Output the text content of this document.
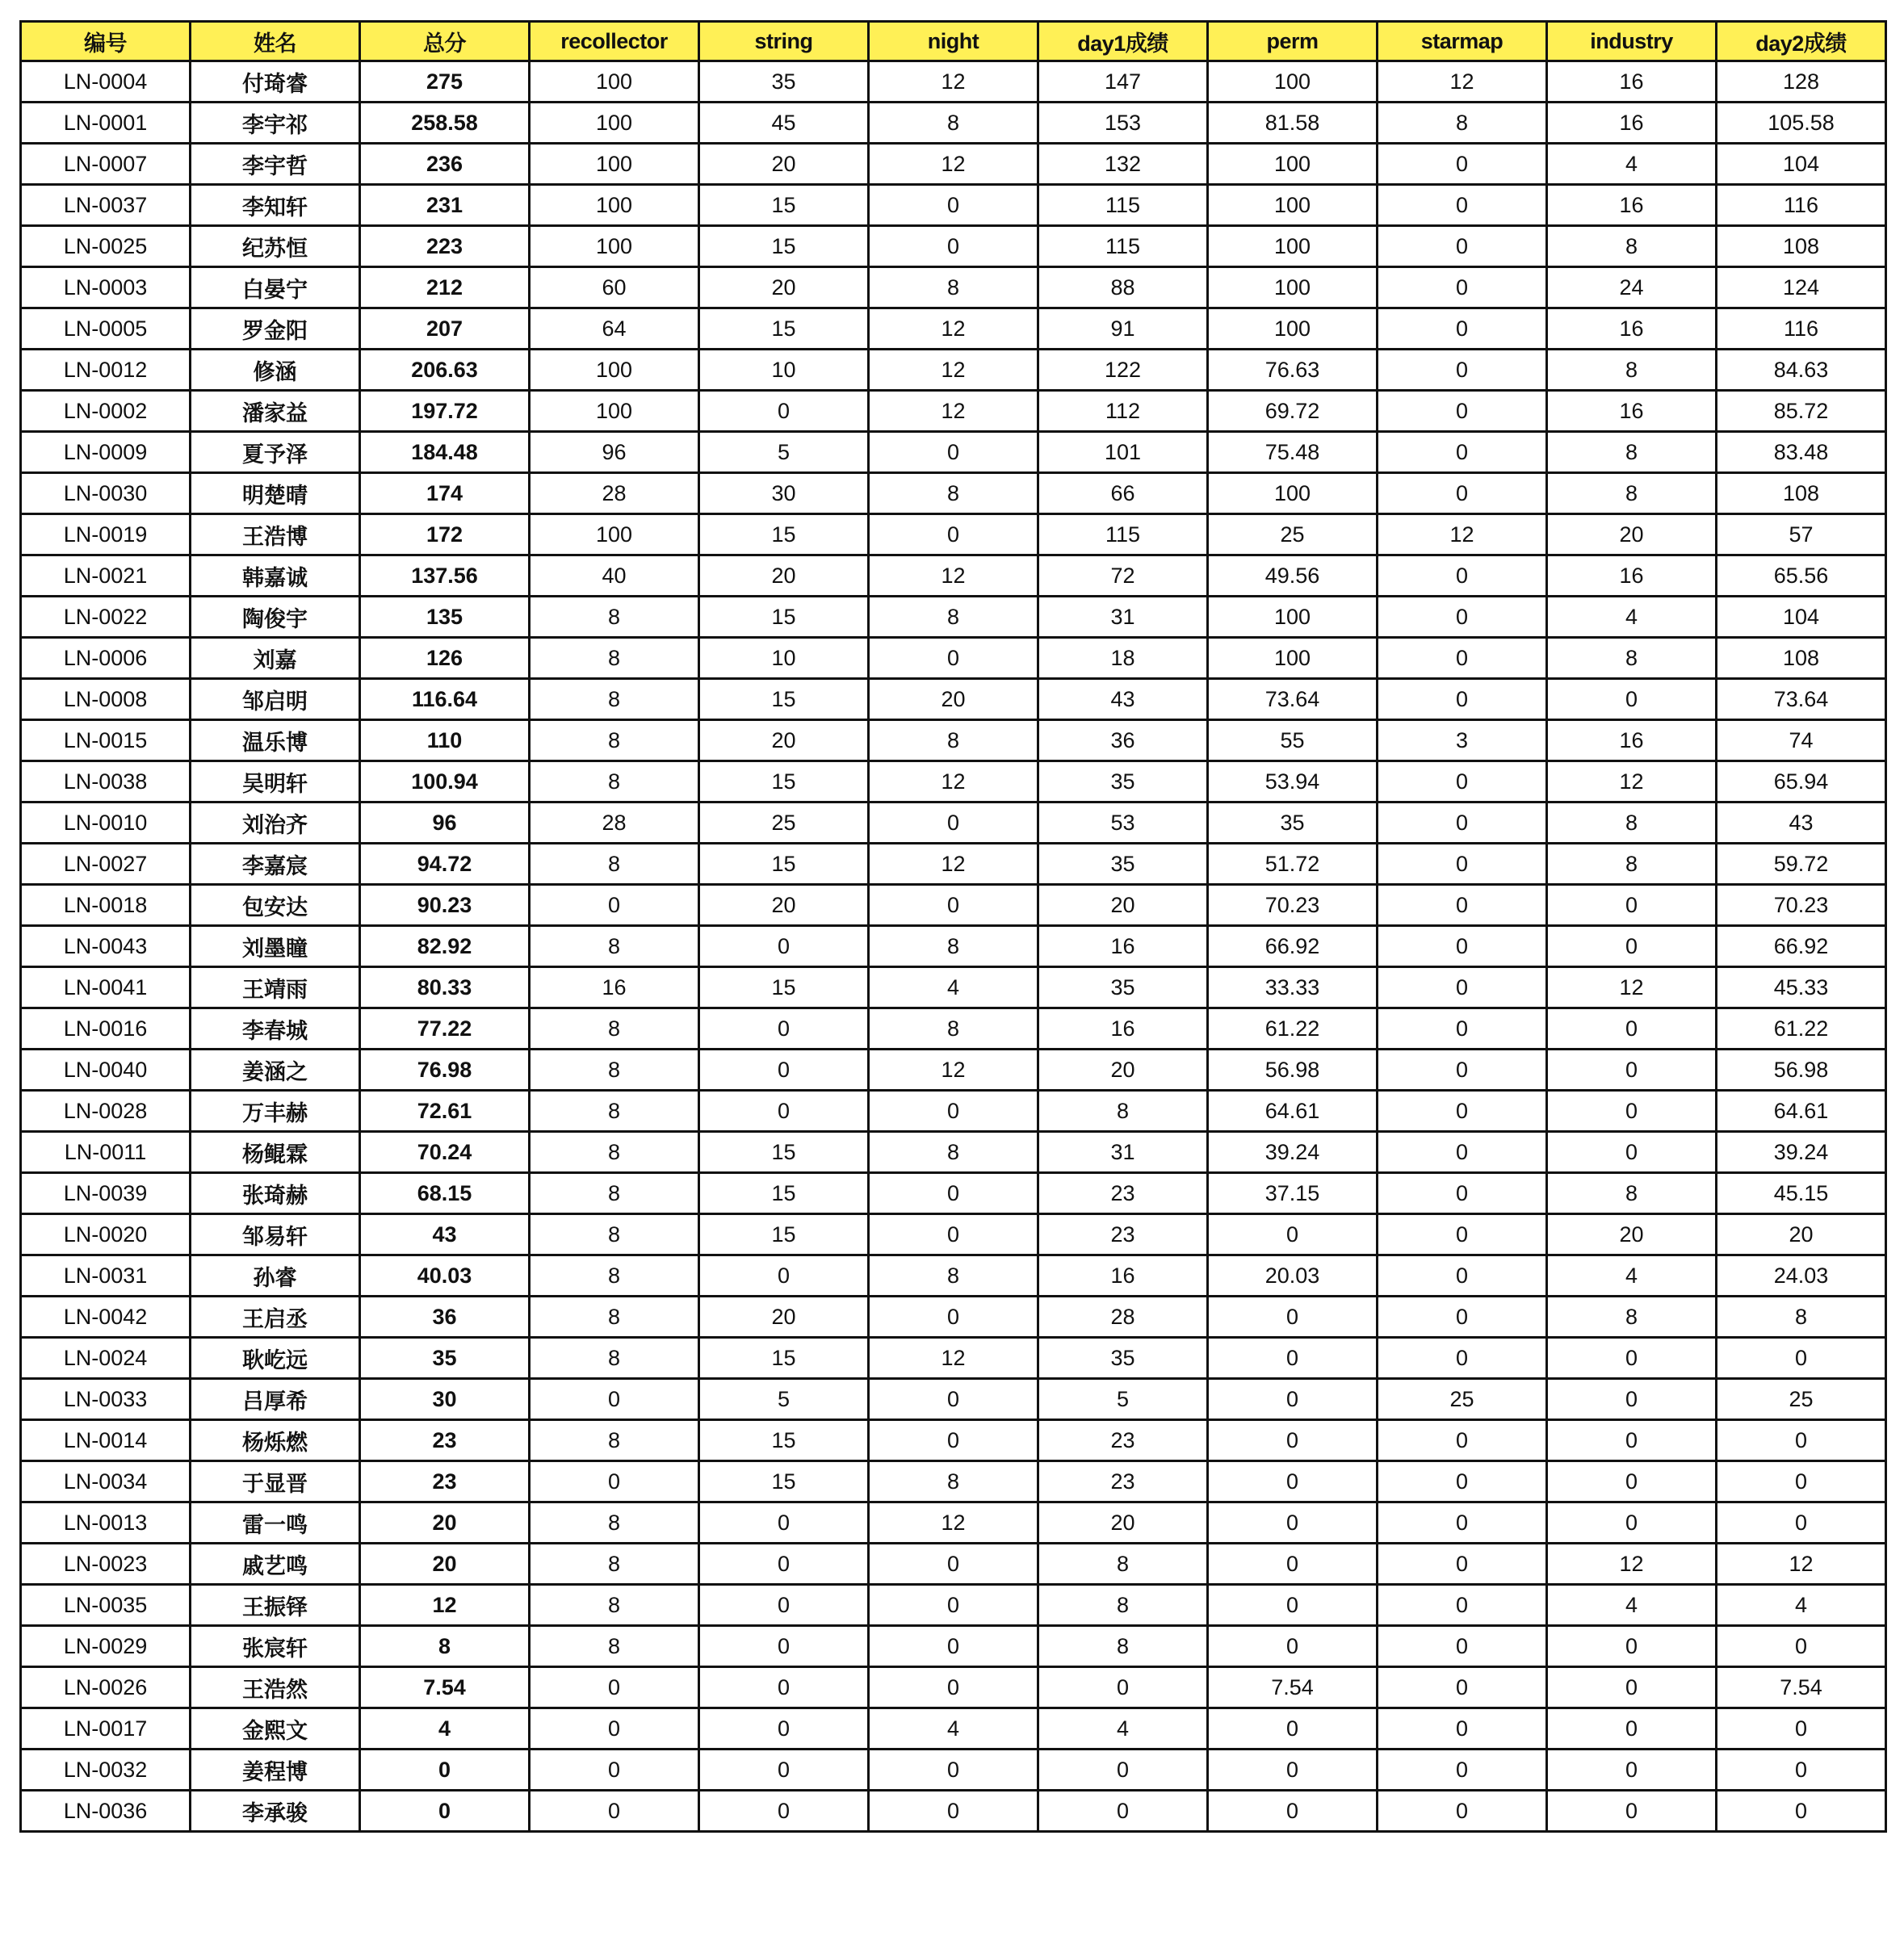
编号	姓名	总分	recollector	string	night	day1成绩	perm	starmap	industry	day2成绩
LN-0004	付琦睿	275	100	35	12	147	100	12	16	128
LN-0001	李宇祁	258.58	100	45	8	153	81.58	8	16	105.58
LN-0007	李宇哲	236	100	20	12	132	100	0	4	104
LN-0037	李知轩	231	100	15	0	115	100	0	16	116
LN-0025	纪苏恒	223	100	15	0	115	100	0	8	108
LN-0003	白晏宁	212	60	20	8	88	100	0	24	124
LN-0005	罗金阳	207	64	15	12	91	100	0	16	116
LN-0012	修涵	206.63	100	10	12	122	76.63	0	8	84.63
LN-0002	潘家益	197.72	100	0	12	112	69.72	0	16	85.72
LN-0009	夏予泽	184.48	96	5	0	101	75.48	0	8	83.48
LN-0030	明楚晴	174	28	30	8	66	100	0	8	108
LN-0019	王浩博	172	100	15	0	115	25	12	20	57
LN-0021	韩嘉诚	137.56	40	20	12	72	49.56	0	16	65.56
LN-0022	陶俊宇	135	8	15	8	31	100	0	4	104
LN-0006	刘嘉	126	8	10	0	18	100	0	8	108
LN-0008	邹启明	116.64	8	15	20	43	73.64	0	0	73.64
LN-0015	温乐博	110	8	20	8	36	55	3	16	74
LN-0038	吴明轩	100.94	8	15	12	35	53.94	0	12	65.94
LN-0010	刘治齐	96	28	25	0	53	35	0	8	43
LN-0027	李嘉宸	94.72	8	15	12	35	51.72	0	8	59.72
LN-0018	包安达	90.23	0	20	0	20	70.23	0	0	70.23
LN-0043	刘墨瞳	82.92	8	0	8	16	66.92	0	0	66.92
LN-0041	王靖雨	80.33	16	15	4	35	33.33	0	12	45.33
LN-0016	李春城	77.22	8	0	8	16	61.22	0	0	61.22
LN-0040	姜涵之	76.98	8	0	12	20	56.98	0	0	56.98
LN-0028	万丰赫	72.61	8	0	0	8	64.61	0	0	64.61
LN-0011	杨鲲霖	70.24	8	15	8	31	39.24	0	0	39.24
LN-0039	张琦赫	68.15	8	15	0	23	37.15	0	8	45.15
LN-0020	邹易轩	43	8	15	0	23	0	0	20	20
LN-0031	孙睿	40.03	8	0	8	16	20.03	0	4	24.03
LN-0042	王启丞	36	8	20	0	28	0	0	8	8
LN-0024	耿屹远	35	8	15	12	35	0	0	0	0
LN-0033	吕厚希	30	0	5	0	5	0	25	0	25
LN-0014	杨烁燃	23	8	15	0	23	0	0	0	0
LN-0034	于显晋	23	0	15	8	23	0	0	0	0
LN-0013	雷一鸣	20	8	0	12	20	0	0	0	0
LN-0023	戚艺鸣	20	8	0	0	8	0	0	12	12
LN-0035	王振铎	12	8	0	0	8	0	0	4	4
LN-0029	张宸轩	8	8	0	0	8	0	0	0	0
LN-0026	王浩然	7.54	0	0	0	0	7.54	0	0	7.54
LN-0017	金熙文	4	0	0	4	4	0	0	0	0
LN-0032	姜程博	0	0	0	0	0	0	0	0	0
LN-0036	李承骏	0	0	0	0	0	0	0	0	0
